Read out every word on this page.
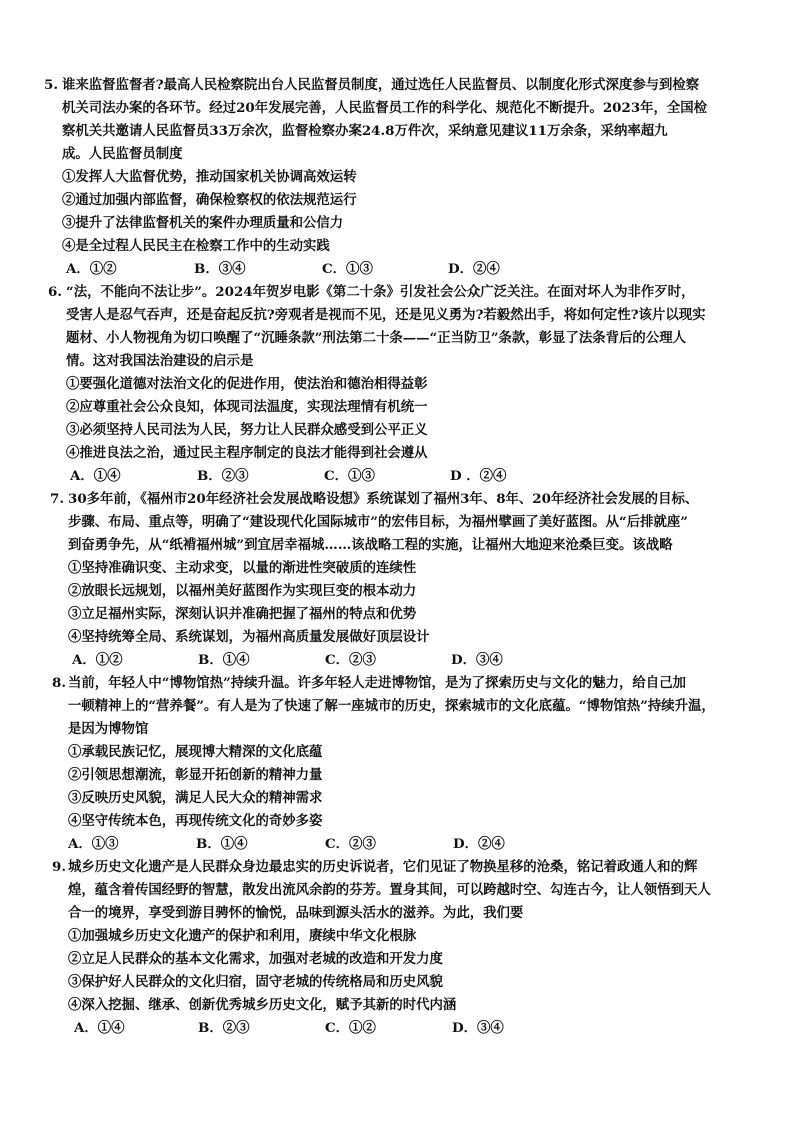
5. 谁来监督监督者?最高人民检察院出台人民监督员制度，通过选任人民监督员、以制度化形式深度参与到检察
机关司法办案的各环节。经过20年发展完善，人民监督员工作的科学化、规范化不断提升。2023年，全国检
察机关共邀请人民监督员33万余次，监督检察办案24.8万件次，采纳意见建议11万余条，采纳率超九
成。人民监督员制度
①发挥人大监督优势，推动国家机关协调高效运转
②通过加强内部监督，确保检察权的依法规范运行
③提升了法律监督机关的案件办理质量和公信力
④是全过程人民民主在检察工作中的生动实践
A．①②	B．③④	C．①③	D．②④
6. “法，不能向不法让步”。2024年贺岁电影《第二十条》引发社会公众广泛关注。在面对坏人为非作歹时，
受害人是忍气吞声，还是奋起反抗?旁观者是视而不见，还是见义勇为?若毅然出手，将如何定性?该片以现实
题材、小人物视角为切口唤醒了“沉睡条款”刑法第二十条——“正当防卫”条款，彰显了法条背后的公理人
情。这对我国法治建设的启示是
①要强化道德对法治文化的促进作用，使法治和德治相得益彰
②应尊重社会公众良知，体现司法温度，实现法理情有机统一
③必须坚持人民司法为人民，努力让人民群众感受到公平正义
④推进良法之治，通过民主程序制定的良法才能得到社会遵从
A．①④	B．②③	C．①③	D ．②④
7. 30多年前，《福州市20年经济社会发展战略设想》系统谋划了福州3年、8年、20年经济社会发展的目标、
步骤、布局、重点等，明确了“建设现代化国际城市”的宏伟目标，为福州擘画了美好蓝图。从“后排就座”
到奋勇争先，从“纸褙福州城”到宜居幸福城……该战略工程的实施，让福州大地迎来沧桑巨变。该战略
①坚持准确识变、主动求变，以量的渐进性突破质的连续性
②放眼长远规划，以福州美好蓝图作为实现巨变的根本动力
③立足福州实际，深刻认识并准确把握了福州的特点和优势
④坚持统筹全局、系统谋划，为福州高质量发展做好顶层设计
A．①②	B．①④	C．②③	D．③④
8. 当前，年轻人中“博物馆热”持续升温。许多年轻人走进博物馆，是为了探索历史与文化的魅力，给自己加
一顿精神上的“营养餐”。有人是为了快速了解一座城市的历史，探索城市的文化底蕴。“博物馆热”持续升温，
是因为博物馆
①承载民族记忆，展现博大精深的文化底蕴
②引领思想潮流，彰显开拓创新的精神力量
③反映历史风貌，满足人民大众的精神需求
④坚守传统本色，再现传统文化的奇妙多姿
A．①③	B．①④	C．②③	D．②④
9. 城乡历史文化遗产是人民群众身边最忠实的历史诉说者，它们见证了物换星移的沧桑，铭记着政通人和的辉
煌，蕴含着传国经野的智慧，散发出流风余韵的芬芳。置身其间，可以跨越时空、勾连古今，让人领悟到天人
合一的境界，享受到游目骋怀的愉悦，品味到源头活水的滋养。为此，我们要
①加强城乡历史文化遗产的保护和利用，赓续中华文化根脉
②立足人民群众的基本文化需求，加强对老城的改造和开发力度
③保护好人民群众的文化归宿，固守老城的传统格局和历史风貌
④深入挖掘、继承、创新优秀城乡历史文化，赋予其新的时代内涵
A．①④	B．②③	C．①②	D．③④
